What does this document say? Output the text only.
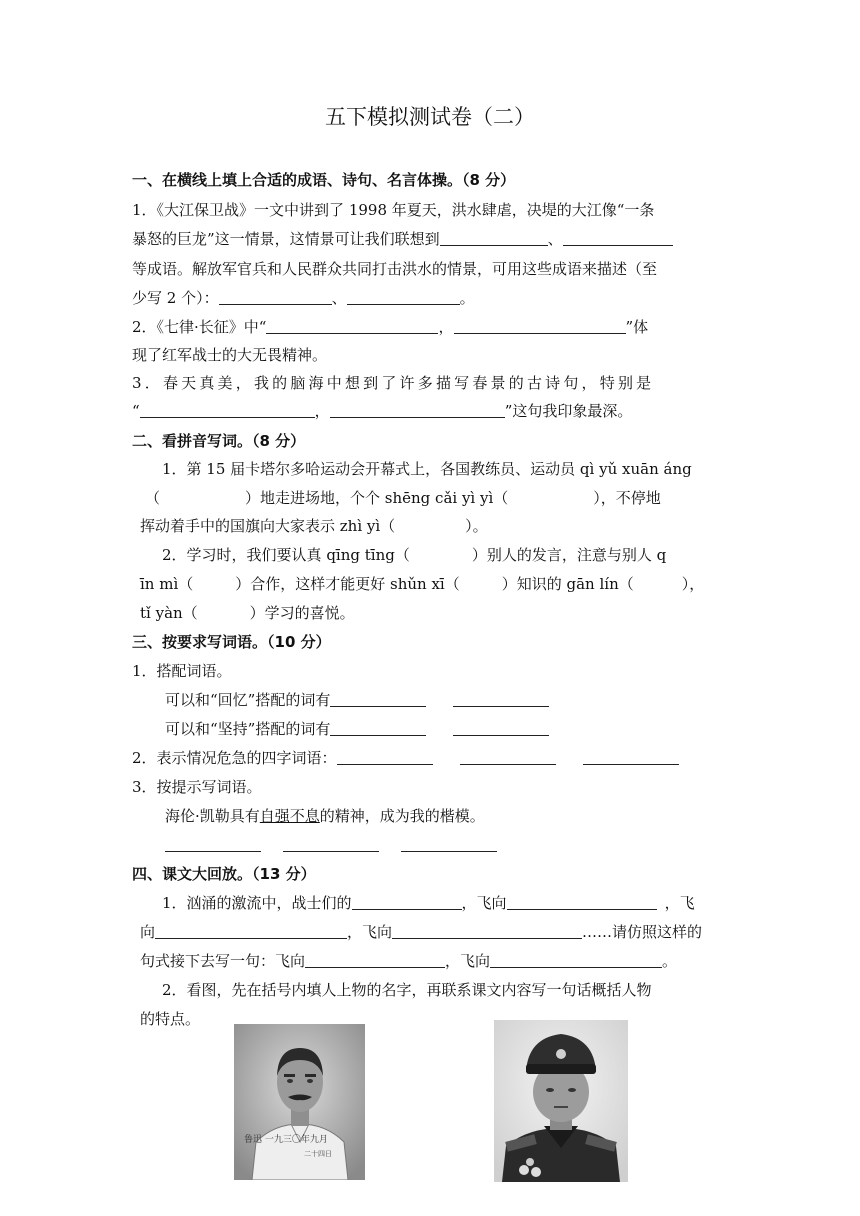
五下模拟测试卷（二）
一、在横线上填上合适的成语、诗句、名言体操。（8 分）
1．《大江保卫战》一文中讲到了 1998 年夏天，洪水肆虐，决堤的大江像“一条
暴怒的巨龙”这一情景，这情景可让我们联想到	、
等成语。解放军官兵和人民群众共同打击洪水的情景，可用这些成语来描述（至
少写 2 个）：	、	。
2．《七律·长征》中“	，	”体
现了红军战士的大无畏精神。
3．春天真美，我的脑海中想到了许多描写春景的古诗句，特别是
“	，	”这句我印象最深。
二、看拼音写词。（8 分）
1．第 15 届卡塔尔多哈运动会开幕式上，各国教练员、运动员 qì yǔ xuān áng
（	）地走进场地，个个 shēng cǎi yì yì（	），不停地
挥动着手中的国旗向大家表示 zhì yì（	）。
2．学习时，我们要认真 qīng tīng（	）别人的发言，注意与别人 q
īn mì（	）合作，这样才能更好 shǔn xī（	）知识的 gān lín（	），
tǐ yàn（	）学习的喜悦。
三、按要求写词语。（10 分）
1．搭配词语。
可以和“回忆”搭配的词有
可以和“坚持”搭配的词有
2．表示情况危急的四字词语：
3．按提示写词语。
海伦·凯勒具有自强不息的精神，成为我的楷模。
四、课文大回放。（13 分）
1．汹涌的激流中，战士们的	，飞向	，飞
向	，飞向	……请仿照这样的
句式接下去写一句：飞向	，飞向	。
2．看图，先在括号内填人上物的名字，再联系课文内容写一句话概括人物
的特点。
鲁迅 一九三〇年九月
二十四日
